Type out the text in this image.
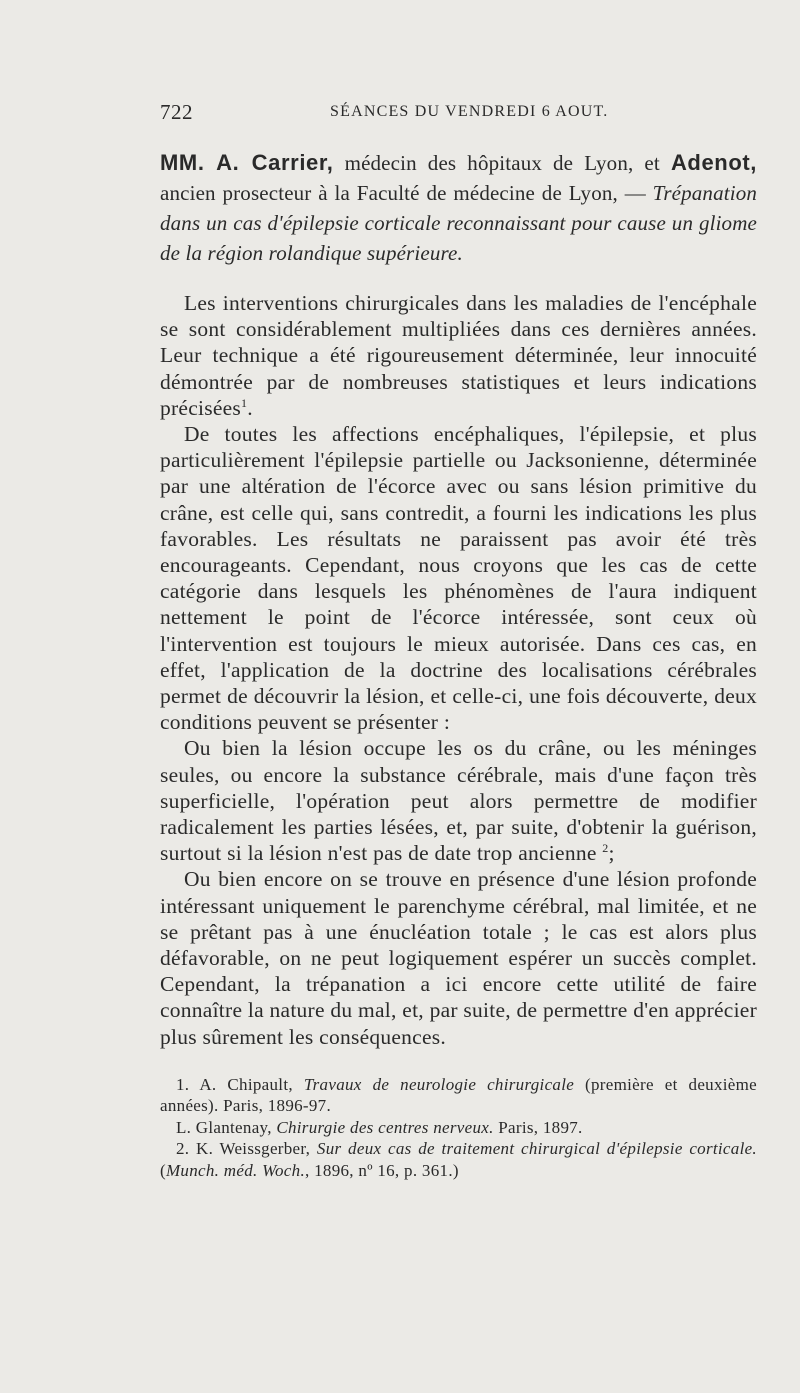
722	SÉANCES DU VENDREDI 6 AOUT.

MM. A. Carrier, médecin des hôpitaux de Lyon, et Adenot, ancien prosecteur à la Faculté de médecine de Lyon, — Trépanation dans un cas d'épilepsie corticale reconnaissant pour cause un gliome de la région rolandique supérieure.

Les interventions chirurgicales dans les maladies de l'encéphale se sont considérablement multipliées dans ces dernières années. Leur technique a été rigoureusement déterminée, leur innocuité démontrée par de nombreuses statistiques et leurs indications précisées$^1$.

De toutes les affections encéphaliques, l'épilepsie, et plus particulièrement l'épilepsie partielle ou Jacksonienne, déterminée par une altération de l'écorce avec ou sans lésion primitive du crâne, est celle qui, sans contredit, a fourni les indications les plus favorables. Les résultats ne paraissent pas avoir été très encourageants. Cependant, nous croyons que les cas de cette catégorie dans lesquels les phénomènes de l'aura indiquent nettement le point de l'écorce intéressée, sont ceux où l'intervention est toujours le mieux autorisée. Dans ces cas, en effet, l'application de la doctrine des localisations cérébrales permet de découvrir la lésion, et celle-ci, une fois découverte, deux conditions peuvent se présenter :

Ou bien la lésion occupe les os du crâne, ou les méninges seules, ou encore la substance cérébrale, mais d'une façon très superficielle, l'opération peut alors permettre de modifier radicalement les parties lésées, et, par suite, d'obtenir la guérison, surtout si la lésion n'est pas de date trop ancienne $^2$;

Ou bien encore on se trouve en présence d'une lésion profonde intéressant uniquement le parenchyme cérébral, mal limitée, et ne se prêtant pas à une énucléation totale ; le cas est alors plus défavorable, on ne peut logiquement espérer un succès complet. Cependant, la trépanation a ici encore cette utilité de faire connaître la nature du mal, et, par suite, de permettre d'en apprécier plus sûrement les conséquences.

1. A. Chipault, Travaux de neurologie chirurgicale (première et deuxième années). Paris, 1896-97.

L. Glantenay, Chirurgie des centres nerveux. Paris, 1897.

2. K. Weissgerber, Sur deux cas de traitement chirurgical d'épilepsie corticale. (Munch. méd. Woch., 1896, nº 16, p. 361.)
